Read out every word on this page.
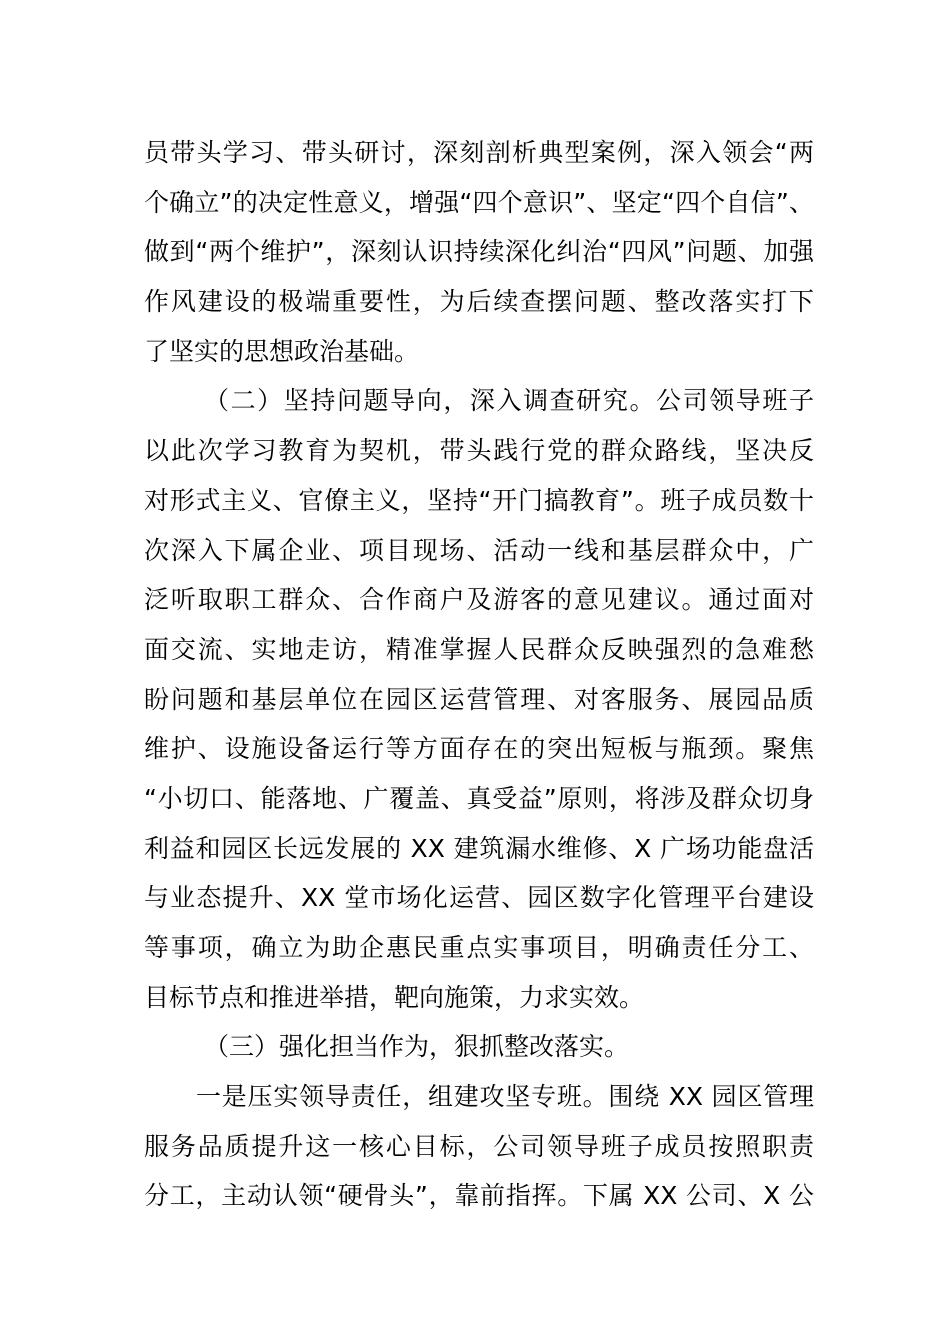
员带头学习、带头研讨，深刻剖析典型案例，深入领会“两
个确立”的决定性意义，增强“四个意识”、坚定“四个自信”、
做到“两个维护”，深刻认识持续深化纠治“四风”问题、加强
作风建设的极端重要性，为后续查摆问题、整改落实打下
了坚实的思想政治基础。
（二）坚持问题导向，深入调查研究。公司领导班子
以此次学习教育为契机，带头践行党的群众路线，坚决反
对形式主义、官僚主义，坚持“开门搞教育”。班子成员数十
次深入下属企业、项目现场、活动一线和基层群众中，广
泛听取职工群众、合作商户及游客的意见建议。通过面对
面交流、实地走访，精准掌握人民群众反映强烈的急难愁
盼问题和基层单位在园区运营管理、对客服务、展园品质
维护、设施设备运行等方面存在的突出短板与瓶颈。聚焦
“小切口、能落地、广覆盖、真受益”原则，将涉及群众切身
利益和园区长远发展的 XX 建筑漏水维修、X 广场功能盘活
与业态提升、XX 堂市场化运营、园区数字化管理平台建设
等事项，确立为助企惠民重点实事项目，明确责任分工、
目标节点和推进举措，靶向施策，力求实效。
（三）强化担当作为，狠抓整改落实。
一是压实领导责任，组建攻坚专班。围绕 XX 园区管理
服务品质提升这一核心目标，公司领导班子成员按照职责
分工，主动认领“硬骨头”，靠前指挥。下属 XX 公司、X 公
